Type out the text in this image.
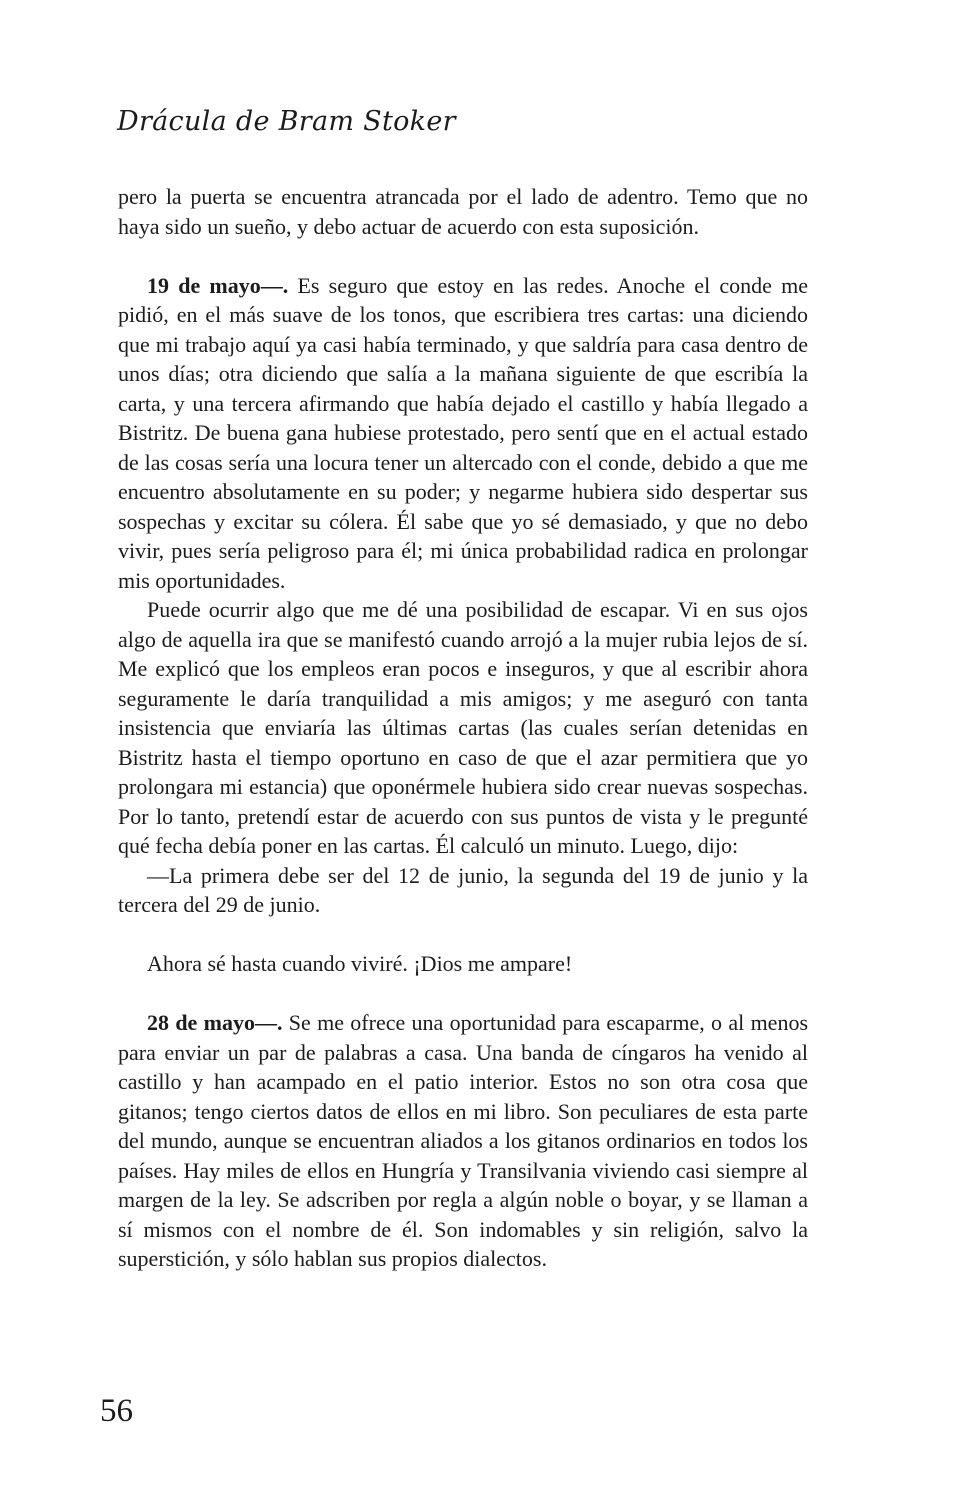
Drácula de Bram Stoker

pero la puerta se encuentra atrancada por el lado de adentro. Temo que no haya sido un sueño, y debo actuar de acuerdo con esta suposición.

19 de mayo—. Es seguro que estoy en las redes. Anoche el conde me pidió, en el más suave de los tonos, que escribiera tres cartas: una diciendo que mi trabajo aquí ya casi había terminado, y que saldría para casa dentro de unos días; otra diciendo que salía a la mañana siguiente de que escribía la carta, y una tercera afirmando que había dejado el castillo y había llegado a Bistritz. De buena gana hubiese protestado, pero sentí que en el actual estado de las cosas sería una locura tener un altercado con el conde, debido a que me encuentro absolutamente en su poder; y negarme hubiera sido despertar sus sospechas y excitar su cólera. Él sabe que yo sé demasiado, y que no debo vivir, pues sería peligroso para él; mi única probabilidad radica en prolongar mis oportunidades.

Puede ocurrir algo que me dé una posibilidad de escapar. Vi en sus ojos algo de aquella ira que se manifestó cuando arrojó a la mujer rubia lejos de sí. Me explicó que los empleos eran pocos e inseguros, y que al escribir ahora seguramente le daría tranquilidad a mis amigos; y me aseguró con tanta insistencia que enviaría las últimas cartas (las cuales serían detenidas en Bistritz hasta el tiempo oportuno en caso de que el azar permitiera que yo prolongara mi estancia) que oponérmele hubiera sido crear nuevas sospechas. Por lo tanto, pretendí estar de acuerdo con sus puntos de vista y le pregunté qué fecha debía poner en las cartas. Él calculó un minuto. Luego, dijo:

—La primera debe ser del 12 de junio, la segunda del 19 de junio y la tercera del 29 de junio.

Ahora sé hasta cuando viviré. ¡Dios me ampare!

28 de mayo—. Se me ofrece una oportunidad para escaparme, o al menos para enviar un par de palabras a casa. Una banda de cíngaros ha venido al castillo y han acampado en el patio interior. Estos no son otra cosa que gitanos; tengo ciertos datos de ellos en mi libro. Son peculiares de esta parte del mundo, aunque se encuentran aliados a los gitanos ordinarios en todos los países. Hay miles de ellos en Hungría y Transilvania viviendo casi siempre al margen de la ley. Se adscriben por regla a algún noble o boyar, y se llaman a sí mismos con el nombre de él. Son indomables y sin religión, salvo la superstición, y sólo hablan sus propios dialectos.

56
